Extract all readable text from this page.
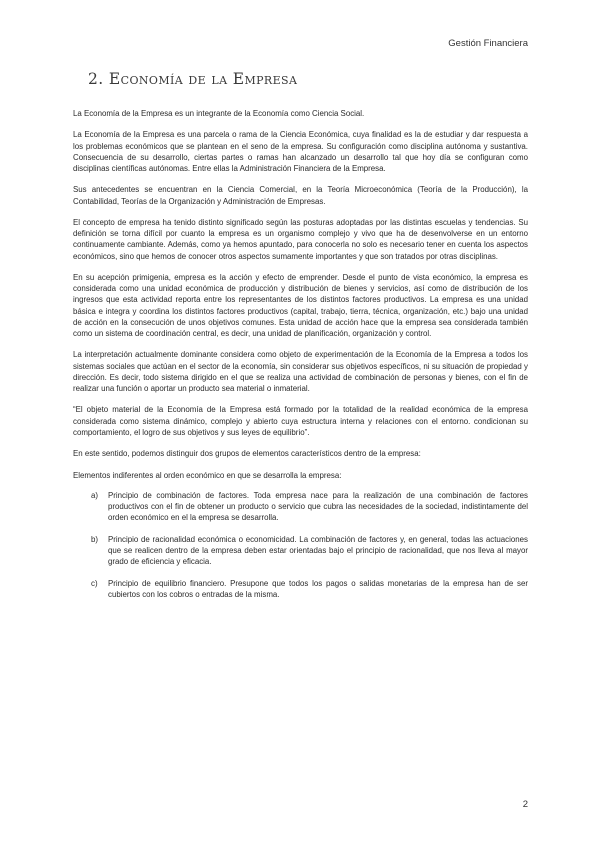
Gestión Financiera
2. Economía de la Empresa

La Economía de la Empresa es un integrante de la Economía como Ciencia Social.

La Economía de la Empresa es una parcela o rama de la Ciencia Económica, cuya finalidad es la de estudiar y dar respuesta a los problemas económicos que se plantean en el seno de la empresa. Su configuración como disciplina autónoma y sustantiva. Consecuencia de su desarrollo, ciertas partes o ramas han alcanzado un desarrollo tal que hoy día se configuran como disciplinas científicas autónomas. Entre ellas la Administración Financiera de la Empresa.

Sus antecedentes se encuentran en la Ciencia Comercial, en la Teoría Microeconómica (Teoría de la Producción), la Contabilidad, Teorías de la Organización y Administración de Empresas.

El concepto de empresa ha tenido distinto significado según las posturas adoptadas por las distintas escuelas y tendencias. Su definición se torna difícil por cuanto la empresa es un organismo complejo y vivo que ha de desenvolverse en un entorno continuamente cambiante. Además, como ya hemos apuntado, para conocerla no solo es necesario tener en cuenta los aspectos económicos, sino que hemos de conocer otros aspectos sumamente importantes y que son tratados por otras disciplinas.

En su acepción primigenia, empresa es la acción y efecto de emprender. Desde el punto de vista económico, la empresa es considerada como una unidad económica de producción y distribución de bienes y servicios, así como de distribución de los ingresos que esta actividad reporta entre los representantes de los distintos factores productivos. La empresa es una unidad básica e integra y coordina los distintos factores productivos (capital, trabajo, tierra, técnica, organización, etc.) bajo una unidad de acción en la consecución de unos objetivos comunes. Esta unidad de acción hace que la empresa sea considerada también como un sistema de coordinación central, es decir, una unidad de planificación, organización y control.

La interpretación actualmente dominante considera como objeto de experimentación de la Economía de la Empresa a todos los sistemas sociales que actúan en el sector de la economía, sin considerar sus objetivos específicos, ni su situación de propiedad y dirección. Es decir, todo sistema dirigido en el que se realiza una actividad de combinación de personas y bienes, con el fin de realizar una función o aportar un producto sea material o inmaterial.

“El objeto material de la Economía de la Empresa está formado por la totalidad de la realidad económica de la empresa considerada como sistema dinámico, complejo y abierto cuya estructura interna y relaciones con el entorno. condicionan su comportamiento, el logro de sus objetivos y sus leyes de equilibrio”.

En este sentido, podemos distinguir dos grupos de elementos característicos dentro de la empresa:

Elementos indiferentes al orden económico en que se desarrolla la empresa:

a) Principio de combinación de factores. Toda empresa nace para la realización de una combinación de factores productivos con el fin de obtener un producto o servicio que cubra las necesidades de la sociedad, indistintamente del orden económico en el la empresa se desarrolla.
b) Principio de racionalidad económica o economicidad. La combinación de factores y, en general, todas las actuaciones que se realicen dentro de la empresa deben estar orientadas bajo el principio de racionalidad, que nos lleva al mayor grado de eficiencia y eficacia.
c) Principio de equilibrio financiero. Presupone que todos los pagos o salidas monetarias de la empresa han de ser cubiertos con los cobros o entradas de la misma.
2
